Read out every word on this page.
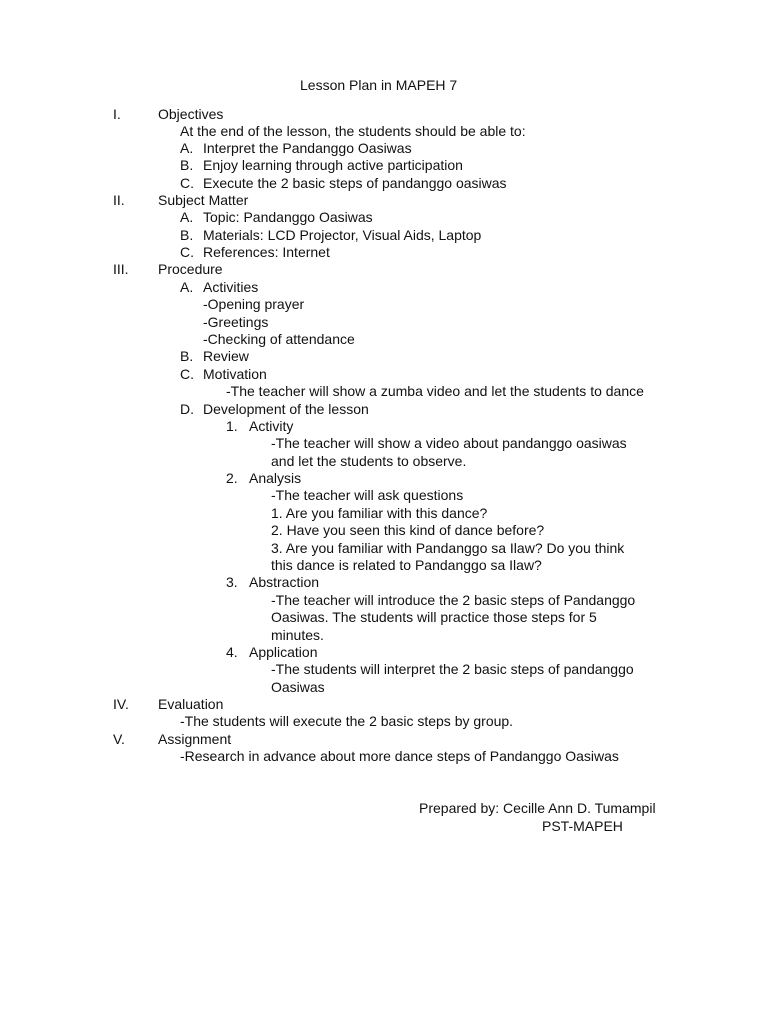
Lesson Plan in MAPEH 7
I.	Objectives
At the end of the lesson, the students should be able to:
A. Interpret the Pandanggo Oasiwas
B. Enjoy learning through active participation
C. Execute the 2 basic steps of pandanggo oasiwas
II. Subject Matter
A. Topic: Pandanggo Oasiwas
B. Materials: LCD Projector, Visual Aids, Laptop
C. References: Internet
III. Procedure
A. Activities
-Opening prayer
-Greetings
-Checking of attendance
B. Review
C. Motivation
-The teacher will show a zumba video and let the students to dance
D. Development of the lesson
1. Activity
-The teacher will show a video about pandanggo oasiwas
and let the students to observe.
2. Analysis
-The teacher will ask questions
1. Are you familiar with this dance?
2. Have you seen this kind of dance before?
3. Are you familiar with Pandanggo sa Ilaw? Do you think
this dance is related to Pandanggo sa Ilaw?
3. Abstraction
-The teacher will introduce the 2 basic steps of Pandanggo
Oasiwas. The students will practice those steps for 5
minutes.
4. Application
-The students will interpret the 2 basic steps of pandanggo
Oasiwas
IV. Evaluation
-The students will execute the 2 basic steps by group.
V. Assignment
-Research in advance about more dance steps of Pandanggo Oasiwas
Prepared by: Cecille Ann D. Tumampil
PST-MAPEH
